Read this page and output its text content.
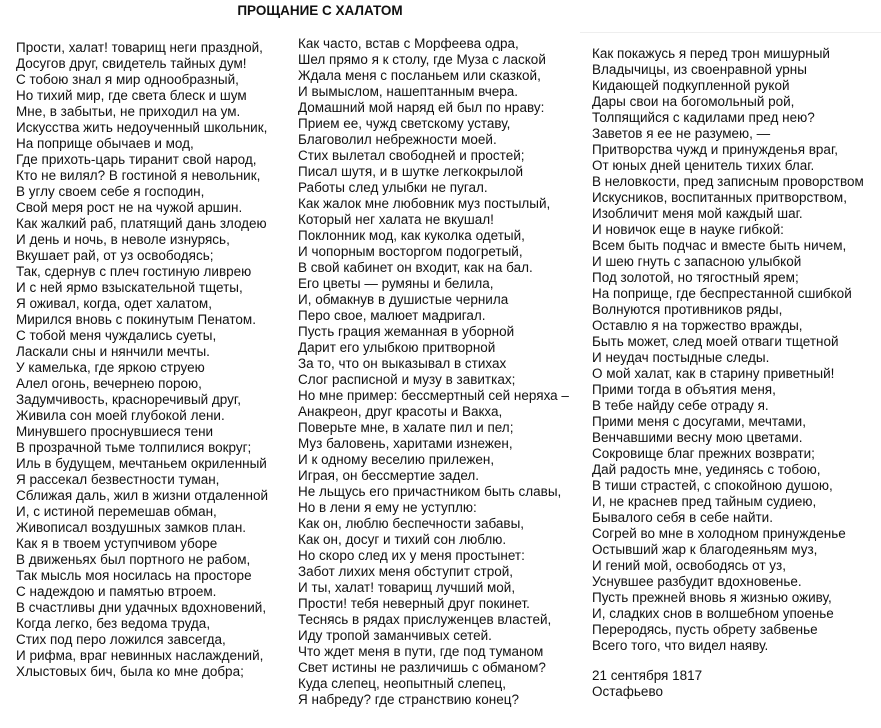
ПРОЩАНИЕ С ХАЛАТОМ
Прости, халат! товарищ неги праздной,
Досугов друг, свидетель тайных дум!
С тобою знал я мир однообразный,
Но тихий мир, где света блеск и шум
Мне, в забытьи, не приходил на ум.
Искусства жить недоученный школьник,
На поприще обычаев и мод,
Где прихоть-царь тиранит свой народ,
Кто не вилял? В гостиной я невольник,
В углу своем себе я господин,
Свой меря рост не на чужой аршин.
Как жалкий раб, платящий дань злодею
И день и ночь, в неволе изнурясь,
Вкушает рай, от уз освободясь;
Так, сдернув с плеч гостиную ливрею
И с ней ярмо взыскательной тщеты,
Я оживал, когда, одет халатом,
Мирился вновь с покинутым Пенатом.
С тобой меня чуждались суеты,
Ласкали сны и нянчили мечты.
У камелька, где яркою струею
Алел огонь, вечернею порою,
Задумчивость, красноречивый друг,
Живила сон моей глубокой лени.
Минувшего проснувшиеся тени
В прозрачной тьме толпилися вокруг;
Иль в будущем, мечтаньем окриленный
Я рассекал безвестности туман,
Сближая даль, жил в жизни отдаленной
И, с истиной перемешав обман,
Живописал воздушных замков план.
Как я в твоем уступчивом уборе
В движеньях был портного не рабом,
Так мысль моя носилась на просторе
С надеждою и памятью втроем.
В счастливы дни удачных вдохновений,
Когда легко, без ведома труда,
Стих под перо ложился завсегда,
И рифма, враг невинных наслаждений,
Хлыстовых бич, была ко мне добра;
Как часто, встав с Морфеева одра,
Шел прямо я к столу, где Муза с лаской
Ждала меня с посланьем или сказкой,
И вымыслом, нашептанным вчера.
Домашний мой наряд ей был по нраву:
Прием ее, чужд светскому уставу,
Благоволил небрежности моей.
Стих вылетал свободней и простей;
Писал шутя, и в шутке легкокрылой
Работы след улыбки не пугал.
Как жалок мне любовник муз постылый,
Который нег халата не вкушал!
Поклонник мод, как куколка одетый,
И чопорным восторгом подогретый,
В свой кабинет он входит, как на бал.
Его цветы — румяны и белила,
И, обмакнув в душистые чернила
Перо свое, малюет мадригал.
Пусть грация жеманная в уборной
Дарит его улыбкою притворной
За то, что он выказывал в стихах
Слог расписной и музу в завитках;
Но мне пример: бессмертный сей неряха –
Анакреон, друг красоты и Вакха,
Поверьте мне, в халате пил и пел;
Муз баловень, харитами изнежен,
И к одному веселию прилежен,
Играя, он бессмертие задел.
Не льщусь его причастником быть славы,
Но в лени я ему не уступлю:
Как он, люблю беспечности забавы,
Как он, досуг и тихий сон люблю.
Но скоро след их у меня простынет:
Забот лихих меня обступит строй,
И ты, халат! товарищ лучший мой,
Прости! тебя неверный друг покинет.
Теснясь в рядах прислуженцев властей,
Иду тропой заманчивых сетей.
Что ждет меня в пути, где под туманом
Свет истины не различишь с обманом?
Куда слепец, неопытный слепец,
Я набреду? где странствию конец?
Как покажусь я перед трон мишурный
Владычицы, из своенравной урны
Кидающей подкупленной рукой
Дары свои на богомольный рой,
Толпящийся с кадилами пред нею?
Заветов я ее не разумею, —
Притворства чужд и принужденья враг,
От юных дней ценитель тихих благ.
В неловкости, пред записным проворством
Искусников, воспитанных притворством,
Изобличит меня мой каждый шаг.
И новичок еще в науке гибкой:
Всем быть подчас и вместе быть ничем,
И шею гнуть с запасною улыбкой
Под золотой, но тягостный ярем;
На поприще, где беспрестанной сшибкой
Волнуются противников ряды,
Оставлю я на торжество вражды,
Быть может, след моей отваги тщетной
И неудач постыдные следы.
О мой халат, как в старину приветный!
Прими тогда в объятия меня,
В тебе найду себе отраду я.
Прими меня с досугами, мечтами,
Венчавшими весну мою цветами.
Сокровище благ прежних возврати;
Дай радость мне, уединясь с тобою,
В тиши страстей, с спокойною душою,
И, не краснев пред тайным судиею,
Бывалого себя в себе найти.
Согрей во мне в холодном принужденье
Остывший жар к благодеяньям муз,
И гений мой, освободясь от уз,
Уснувшее разбудит вдохновенье.
Пусть прежней вновь я жизнью оживу,
И, сладких снов в волшебном упоенье
Переродясь, пусть обрету забвенье
Всего того, что видел наяву.
21 сентября 1817
Остафьево
